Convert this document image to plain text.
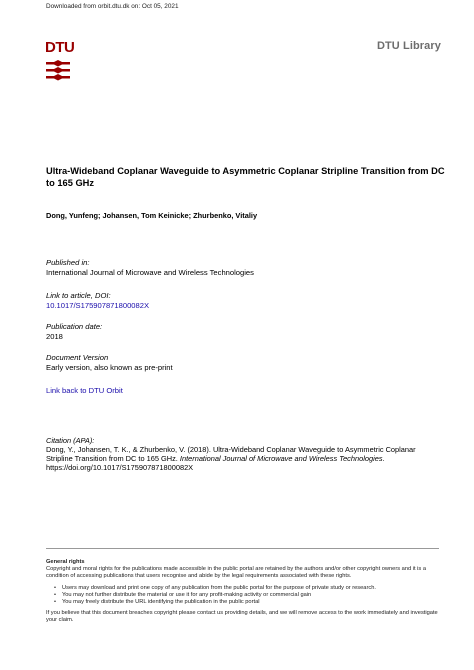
Downloaded from orbit.dtu.dk on: Oct 05, 2021
DTU	DTU Library
Ultra-Wideband Coplanar Waveguide to Asymmetric Coplanar Stripline Transition from DC to 165 GHz
Dong, Yunfeng; Johansen, Tom Keinicke; Zhurbenko, Vitaliy
Published in:
International Journal of Microwave and Wireless Technologies
Link to article, DOI:
10.1017/S175907871800082X
Publication date:
2018
Document Version
Early version, also known as pre-print
Link back to DTU Orbit
Citation (APA):
Dong, Y., Johansen, T. K., & Zhurbenko, V. (2018). Ultra-Wideband Coplanar Waveguide to Asymmetric Coplanar Stripline Transition from DC to 165 GHz. International Journal of Microwave and Wireless Technologies. https://doi.org/10.1017/S175907871800082X
General rights
Copyright and moral rights for the publications made accessible in the public portal are retained by the authors and/or other copyright owners and it is a condition of accessing publications that users recognise and abide by the legal requirements associated with these rights.
• Users may download and print one copy of any publication from the public portal for the purpose of private study or research.
• You may not further distribute the material or use it for any profit-making activity or commercial gain
• You may freely distribute the URL identifying the publication in the public portal
If you believe that this document breaches copyright please contact us providing details, and we will remove access to the work immediately and investigate your claim.
